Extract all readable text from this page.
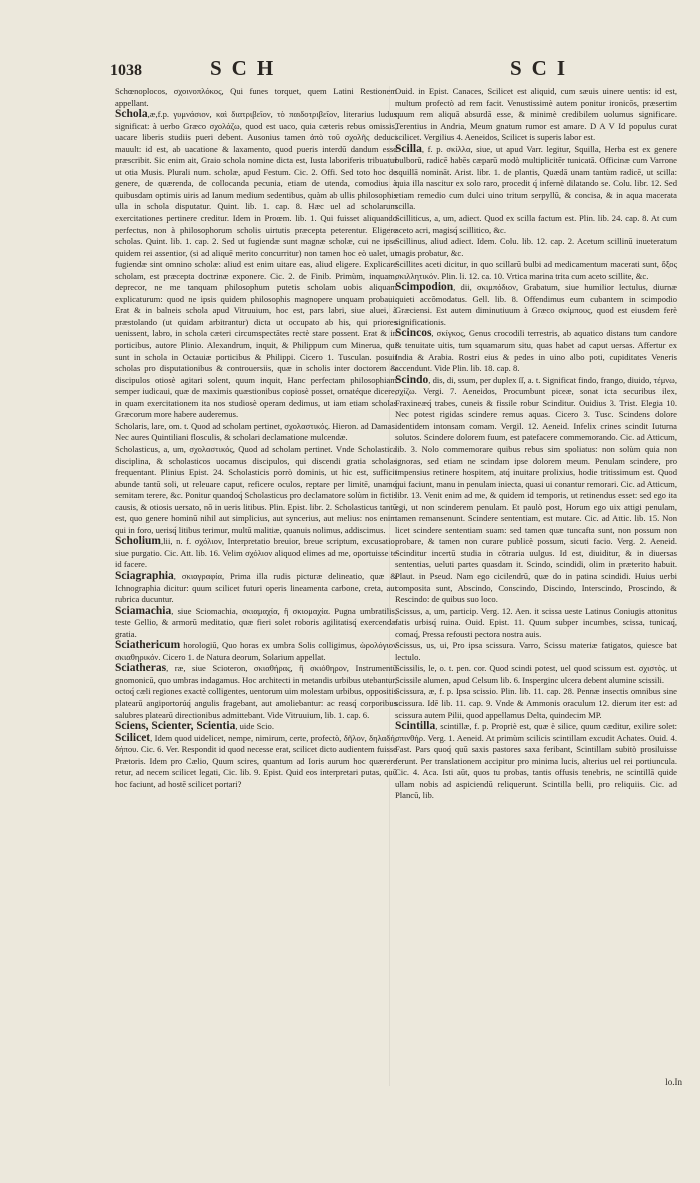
1038	SCH	SCI

Schœnoplocos, σχοινοπλόκος, Qui funes torquet, quem Latini Restionem appellant.

Schola,æ,f.p. γυμνάσιον, καὶ διατριβεῖον, τὸ παιδοτριβεῖον, literarius ludus significat: à uerbo Græco σχολάζω, quod est uaco, quia cæteris rebus omissis, uacare liberis studiis pueri debent. Ausonius tamen ἀπὸ τοῦ σχολῆς deduci mauult: id est, ab uacatione & laxamento, quod pueris interdū dandum esse præscribit. Sic enim ait, Graio schola nomine dicta est, Iusta laboriferis tribuatur ut otia Musis. Plurali num. scholæ, apud Festum. Cic. 2. Offi. Sed toto hoc de genere, de quærenda, de collocanda pecunia, etiam de utenda, comodius à quibusdam optimis uiris ad Ianum medium sedentibus, quàm ab ullis philosophis ulla in schola disputatur. Quint. lib. 1. cap. 8. Hæc uel ad scholarum exercitationes pertinere creditur. Idem in Proœm. lib. 1. Qui fuisset aliquando perfectus, non à philosophorum scholis uirtutis præcepta peterentur. Eligere scholas. Quint. lib. 1. cap. 2. Sed ut fugiendæ sunt magnæ scholæ, cui ne ipse quidem rei assentior, (si ad aliquē merito concurritur) non tamen hoc eò ualet, ut fugiendæ sint omnino scholæ: aliud est enim uitare eas, aliud eligere. Explicare scholam, est præcepta doctrinæ exponere. Cic. 2. de Finib. Primùm, inquam, deprecor, ne me tanquam philosophum putetis scholam uobis aliquam explicaturum: quod ne ipsis quidem philosophis magnopere unquam probaui. Erat & in balneis schola apud Vitruuium, hoc est, pars labri, siue aluei, à præstolando (ut quidam arbitrantur) dicta ut occupato ab his, qui priores uenissent, labro, in schola cæteri circumspectātes rectè stare possent. Erat & in porticibus, autore Plinio. Alexandrum, inquit, & Philippum cum Minerua, qui sunt in schola in Octauiæ porticibus & Philippi. Cicero 1. Tusculan. posuit scholas pro disputationibus & controuersiis, quæ in scholis inter doctorem & discipulos otiosè agitari solent, quum inquit, Hanc perfectam philosophiam semper iudicaui, quæ de maximis quæstionibus copiosè posset, ornatéque dicere, in quam exercitationem ita nos studiosè operam dedimus, ut iam etiam scholas Græcorum more habere auderemus.

Scholaris, lare, om. t. Quod ad scholam pertinet, σχολαστικός. Hieron. ad Damas. Nec aures Quintiliani flosculis, & scholari declamatione mulcendæ.

Scholasticus, a, um, σχολαστικός, Quod ad scholam pertinet. Vnde Scholastica disciplina, & scholasticos uocamus discipulos, qui discendi gratia scholas frequentant. Plinius Epist. 24. Scholasticis porrò dominis, ut hic est, sufficit abunde tantū soli, ut releuare caput, reficere oculos, reptare per limitē, unamq́ semitam terere, &c. Ponitur quandoq́ Scholasticus pro declamatore solùm in fictis causis, & otiosis uersato, nō in ueris litibus. Plin. Epist. libr. 2. Scholasticus tantū est, quo genere hominū nihil aut simplicius, aut syncerius, aut melius: nos enim qui in foro, uerisq́ litibus terimur, multū malitiæ, quanuis nolimus, addiscimus.

Scholium,lii, n. f. σχόλιον, Interpretatio breuior, breue scriptum, excusatio, siue purgatio. Cic. Att. lib. 16. Velim σχόλιον aliquod elimes ad me, oportuisse te id facere.

Sciagraphia, σκιαγραφία, Prima illa rudis picturæ delineatio, quæ & Ichnographia dicitur: quum scilicet futuri operis lineamenta carbone, creta, aut rubrica ducuntur.

Sciamachia, siue Sciomachia, σκιαμαχία, ἢ σκιομαχία. Pugna umbratilis, teste Gellio, & armorū meditatio, quæ fieri solet roboris agilitatisq́ exercendæ gratia.

Sciathericum horologiū, Quo horas ex umbra Solis colligimus, ὡρολόγιον σκιαθηρικόν. Cicero 1. de Natura deorum, Solarium appellat.

Sciatheras, ræ, siue Scioteron, σκιαθήρας, ἢ σκιόθηρον, Instrumentū gnomonicū, quo umbras indagamus. Hoc architecti in metandis urbibus utebantur, octoq́ cæli regiones exactè colligentes, uentorum uim molestam urbibus, oppositis platearū angiportorúq́ angulis fragebant, aut amoliebantur: ac reasq́ corporibus salubres platearū directionibus admittebant. Vide Vitruuium, lib. 1. cap. 6.

Sciens, Scienter, Scientia, uide Scio.

Scilicet, Idem quod uidelicet, nempe, nimirum, certe, profectò, δῆλον, δηλαδή, δήπου. Cic. 6. Ver. Respondit id quod necesse erat, scilicet dicto audientem fuisse Prætoris. Idem pro Cælio, Quum scires, quantum ad Ioris aurum hoc quærere retur, ad necem scilicet legati, Cic. lib. 9. Epist. Quid eos interpretari putas, quū hoc faciunt, ad hostē scilicet portari?

Ouid. in Epist. Canaces, Scilicet est aliquid, cum sæuis uinere uentis: id est, multum profectò ad rem facit. Venustissimè autem ponitur ironicōs, præsertim quum rem aliquā absurdā esse, & minimè credibilem uolumus significare. Terentius in Andria, Meum gnatum rumor est amare. D A V Id populus curat scilicet. Vergilius 4. Aeneidos, Scilicet is superis labor est.

Scilla, f. p. σκίλλα, siue, ut apud Varr. legitur, Squilla, Herba est ex genere bulborū, radicē habēs cæparū modò multiplicitēr tunicatā. Officinæ cum Varrone squillā nomināt. Arist. libr. 1. de plantis, Quædā unam tantùm radicē, ut scilla: quia illa nascitur ex solo raro, procedit q́ infernè dilatando se. Colu. libr. 12. Sed etiam remedio cum dulci uino tritum serpyllū, & concisa, & in aqua macerata scilla.

Scilliticus, a, um, adiect. Quod ex scilla factum est. Plin. lib. 24. cap. 8. At cum aceto acri, magisq́ scillitico, &c.

Scillinus, aliud adiect. Idem. Colu. lib. 12. cap. 2. Acetum scillinū inueteratum magis probatur, &c.

Scillites aceti dicitur, in quo scillarū bulbi ad medicamentum macerati sunt, ὄξος σκιλλητικόν. Plin. li. 12. ca. 10. Vrtica marina trita cum aceto scillite, &c.

Scimpodion, dii, σκιμπόδιον, Grabatum, siue humilior lectulus, diurnæ quieti accōmodatus. Gell. lib. 8. Offendimus eum cubantem in scimpodio Græciensi. Est autem diminutiuum à Græco σκίμπους, quod est eiusdem ferè significationis.

Scincos, σκίγκος, Genus crocodili terrestris, ab aquatico distans tum candore & tenuitate uitis, tum squamarum situ, quas habet ad caput uersas. Affertur ex India & Arabia. Rostri eius & pedes in uino albo poti, cupiditates Veneris accendunt. Vide Plin. lib. 18. cap. 8.

Scindo, dis, di, ssum, per duplex ſſ, a. t. Significat findo, frango, diuido, τέμνω, σχίζω. Vergi. 7. Aeneidos, Procumbunt piceæ, sonat icta securibus ilex, Fraxineæq́ trabes, cuneis & fissile robur Scinditur. Ouidius 3. Trist. Elegia 10. Nec potest rigidas scindere remus aquas. Cicero 3. Tusc. Scindens dolore identidem intonsam comam. Vergil. 12. Aeneid. Infelix crines scindit Iuturna solutos. Scindere dolorem fuum, est patefacere commemorando. Cic. ad Atticum, lib. 3. Nolo commemorare quibus rebus sim spoliatus: non solùm quia non ignoras, sed etiam ne scindam ipse dolorem meum. Penulam scindere, pro impensius retinere hospitem, atq́ inuitare prolixius, hodie tritissimum est. Quod qui faciunt, manu in penulam iniecta, quasi ui conantur remorari. Cic. ad Atticum, libr. 13. Venit enim ad me, & quidem id temporis, ut retinendus esset: sed ego ita egi, ut non scinderem penulam. Et paulò post, Horum ego uix attigi penulam, tamen remansenunt. Scindere sententiam, est mutare. Cic. ad Attic. lib. 15. Non licet scindere sententiam suam: sed tamen quæ tuncafta sunt, non possum non probare, & tamen non curare publicè possum, sicuti facio. Verg. 2. Aeneid. Scinditur incertū studia in cōtraria uulgus. Id est, diuiditur, & in diuersas sententias, ueluti partes quasdam it. Scindo, scindidi, olim in præterito habuit. Plaut. in Pseud. Nam ego cicilendrū, quæ do in patina scindidi. Huius uerbi composita sunt, Abscindo, Conscindo, Discindo, Interscindo, Proscindo, & Rescindo: de quibus suo loco.

Scissus, a, um, particip. Verg. 12. Aen. it scissa ueste Latinus Coniugis attonitus fatis urbisq́ ruina. Ouid. Epist. 11. Quum subper incumbes, scissa, tunicaq́, comaq́, Pressa refousti pectora nostra auis.

Scissus, us, ui, Pro ipsa scissura. Varro, Scissu materiæ fatigatos, quiesce bat lectulo.

Scissilis, le, o. t. pen. cor. Quod scindi potest, uel quod scissum est. σχιστὸς. ut Scissile alumen, apud Celsum lib. 6. Insperginc ulcera debent alumine scissili.

Scissura, æ, f. p. Ipsa scissio. Plin. lib. 11. cap. 28. Pennæ insectis omnibus sine scissura. Idē lib. 11. cap. 9. Vnde & Ammonis oraculum 12. dierum iter est: ad scissura autem Pilii, quod appellamus Delta, quindecim MP.

Scintilla, scintillæ, f. p. Propriè est, quæ è silice, quum cæditur, exilire solet: σπινθήρ. Verg. 1. Aeneid. At primùm scilicis scintillam excudit Achates. Ouid. 4. Fast. Pars quoq́ quū saxis pastores saxa feribant, Scintillam subitò prosiluisse ferunt. Per translationem accipitur pro minima lucis, alterius uel rei portiuncula. Cic. 4. Aca. Isti aūt, quos tu probas, tantis offusis tenebris, ne scintillā quide ullam nobis ad aspiciendū reliquerunt. Scintilla belli, pro reliquiis. Cic. ad Plancū, lib.

lo.In
